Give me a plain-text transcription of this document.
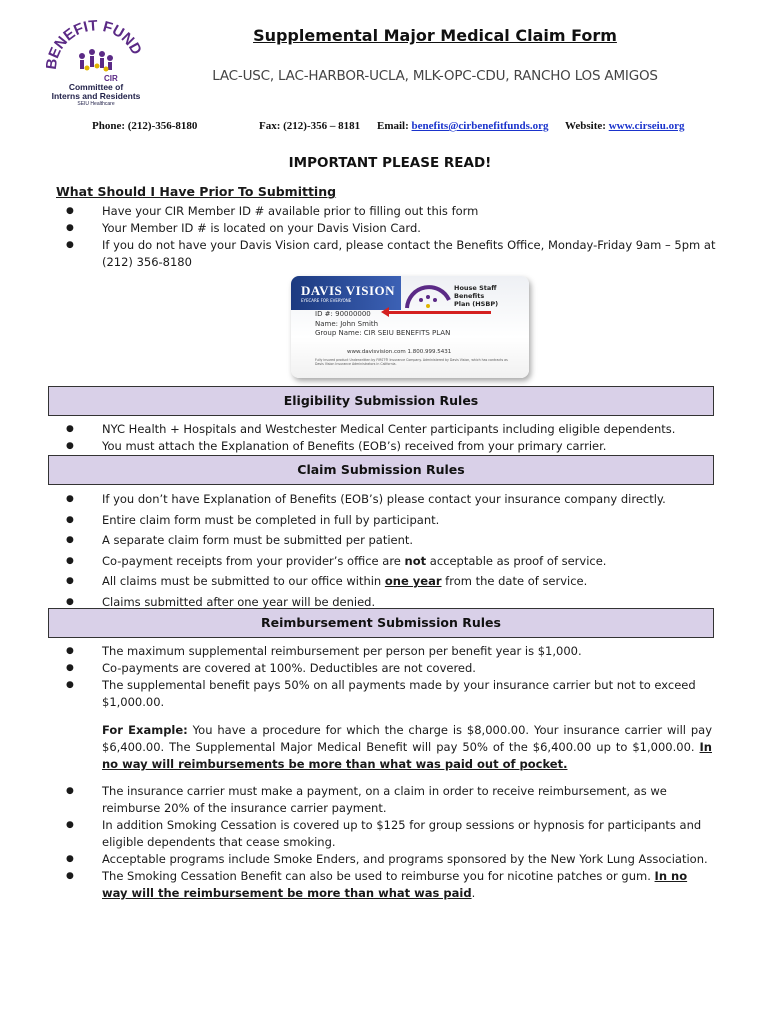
ENEFIT FUN
CIR
Committee of
Interns and Residents
SEIU Healthcare
Supplemental Major Medical Claim Form
LAC-USC, LAC-HARBOR-UCLA, MLK-OPC-CDU, RANCHO LOS AMIGOS
Phone: (212)-356-8180	Fax: (212)-356 – 8181 Email: benefits@cirbenefitfunds.org Website: www.cirseiu.org
IMPORTANT PLEASE READ!
What Should I Have Prior To Submitting
● Have your CIR Member ID # available prior to filling out this form
● Your Member ID # is located on your Davis Vision Card.
● If you do not have your Davis Vision card, please contact the Benefits Office, Monday-Friday 9am – 5pm at (212) 356-8180
DAVIS VISION
EYECARE FOR EVERYONE
House Staff Benefits
Plan (HSBP)
ID #: 90000000
Name: John Smith
Group Name: CIR SEIU BENEFITS PLAN
www.davisvision.com 1.800.999.5431
Fully insured product Underwritten by FIRST® Insurance Company. Administered by Davis Vision, which has contracts as Davis Vision Insurance Administrators in California.
Eligibility Submission Rules
● NYC Health + Hospitals and Westchester Medical Center participants including eligible dependents.
● You must attach the Explanation of Benefits (EOB’s) received from your primary carrier.
Claim Submission Rules
● If you don’t have Explanation of Benefits (EOB’s) please contact your insurance company directly.
● Entire claim form must be completed in full by participant.
● A separate claim form must be submitted per patient.
● Co-payment receipts from your provider’s office are not acceptable as proof of service.
● All claims must be submitted to our office within one year from the date of service.
● Claims submitted after one year will be denied.
Reimbursement Submission Rules
● The maximum supplemental reimbursement per person per benefit year is $1,000.
● Co-payments are covered at 100%. Deductibles are not covered.
● The supplemental benefit pays 50% on all payments made by your insurance carrier but not to exceed $1,000.00.
For Example: You have a procedure for which the charge is $8,000.00. Your insurance carrier will pay $6,400.00. The Supplemental Major Medical Benefit will pay 50% of the $6,400.00 up to $1,000.00. In no way will reimbursements be more than what was paid out of pocket.
● The insurance carrier must make a payment, on a claim in order to receive reimbursement, as we reimburse 20% of the insurance carrier payment.
● In addition Smoking Cessation is covered up to $125 for group sessions or hypnosis for participants and eligible dependents that cease smoking.
● Acceptable programs include Smoke Enders, and programs sponsored by the New York Lung Association.
● The Smoking Cessation Benefit can also be used to reimburse you for nicotine patches or gum. In no way will the reimbursement be more than what was paid.
